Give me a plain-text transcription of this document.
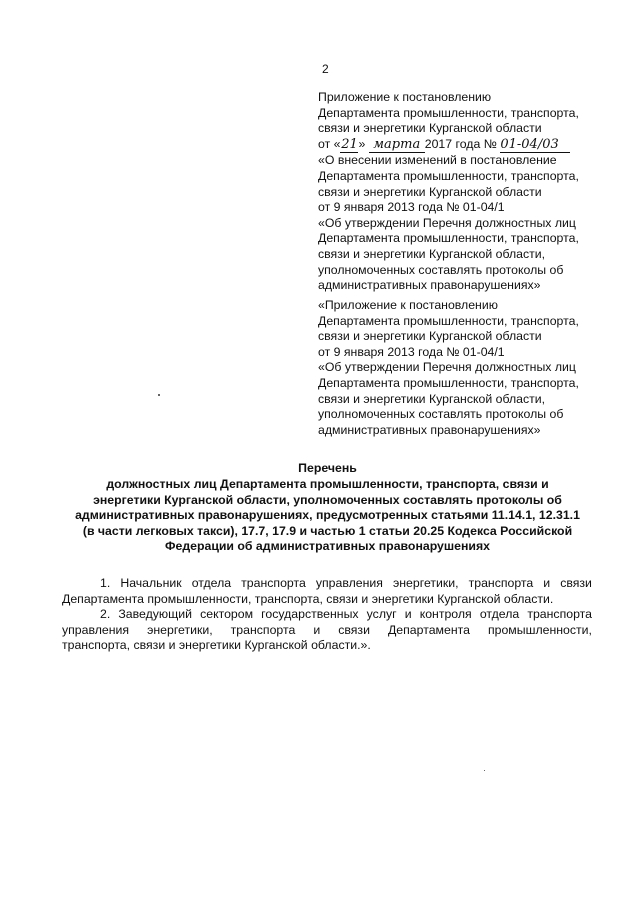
2
Приложение к постановлению
Департамента промышленности, транспорта,
связи и энергетики Курганской области
от «21» марта 2017 года № 01-04/03
«О внесении изменений в постановление
Департамента промышленности, транспорта,
связи и энергетики Курганской области
от 9 января 2013 года № 01-04/1
«Об утверждении Перечня должностных лиц
Департамента промышленности, транспорта,
связи и энергетики Курганской области,
уполномоченных составлять протоколы об
административных правонарушениях»
«Приложение к постановлению
Департамента промышленности, транспорта,
связи и энергетики Курганской области
от 9 января 2013 года № 01-04/1
«Об утверждении Перечня должностных лиц
Департамента промышленности, транспорта,
связи и энергетики Курганской области,
уполномоченных составлять протоколы об
административных правонарушениях»
Перечень
должностных лиц Департамента промышленности, транспорта, связи и
энергетики Курганской области, уполномоченных составлять протоколы об
административных правонарушениях, предусмотренных статьями 11.14.1, 12.31.1
(в части легковых такси), 17.7, 17.9 и частью 1 статьи 20.25 Кодекса Российской
Федерации об административных правонарушениях
1. Начальник отдела транспорта управления энергетики, транспорта и связи
Департамента промышленности, транспорта, связи и энергетики Курганской области.
2. Заведующий сектором государственных услуг и контроля отдела транспорта
управления энергетики, транспорта и связи Департамента промышленности,
транспорта, связи и энергетики Курганской области.».
